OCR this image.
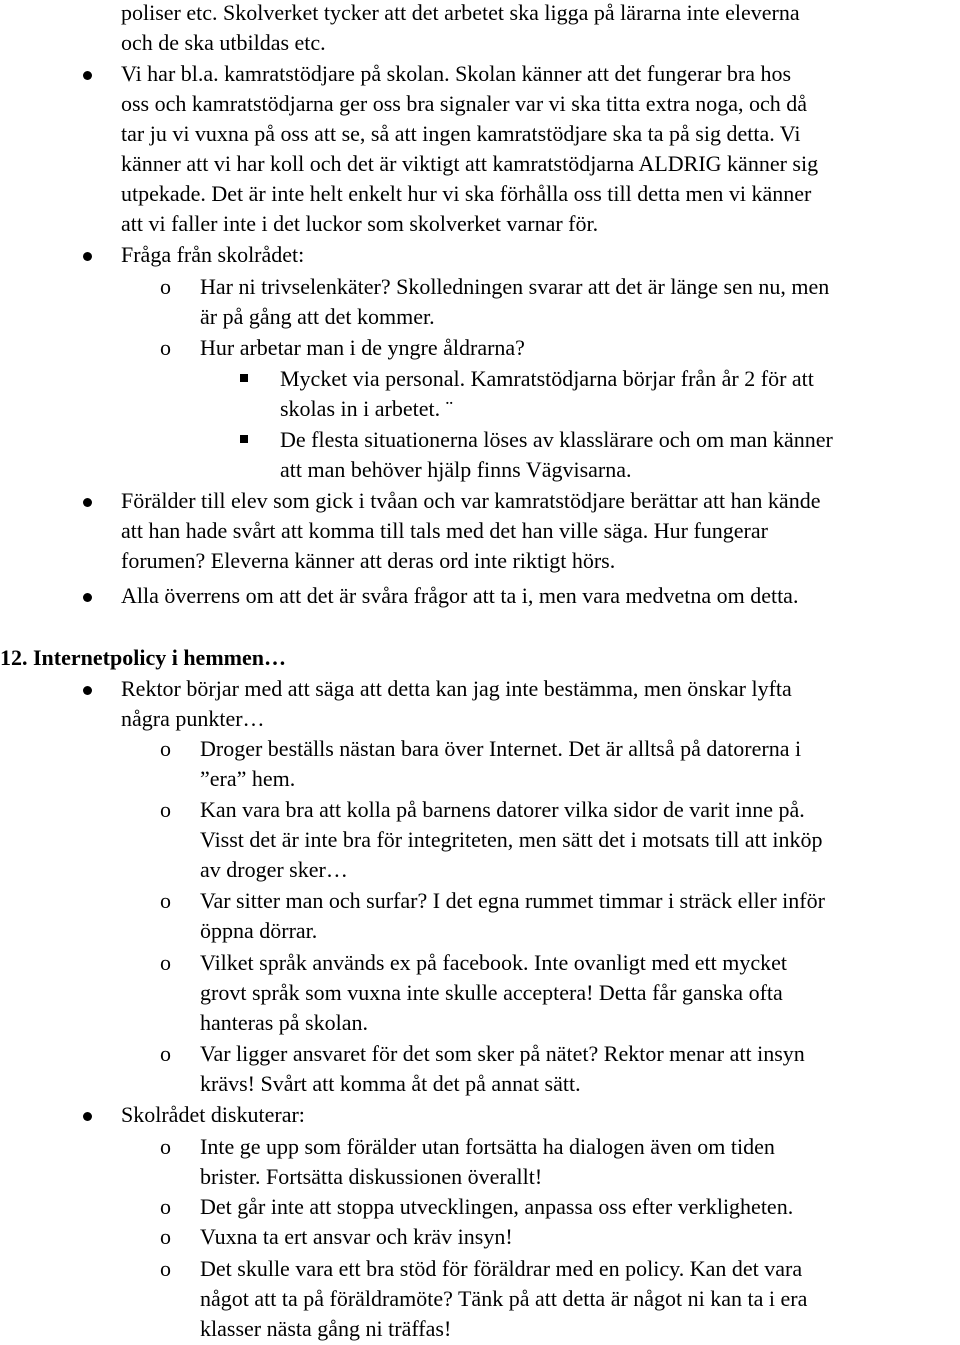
poliser etc. Skolverket tycker att det arbetet ska ligga på lärarna inte eleverna
och de ska utbildas etc.
Vi har bl.a. kamratstödjare på skolan. Skolan känner att det fungerar bra hos
oss och kamratstödjarna ger oss bra signaler var vi ska titta extra noga, och då
tar ju vi vuxna på oss att se, så att ingen kamratstödjare ska ta på sig detta. Vi
känner att vi har koll och det är viktigt att kamratstödjarna ALDRIG känner sig
utpekade. Det är inte helt enkelt hur vi ska förhålla oss till detta men vi känner
att vi faller inte i det luckor som skolverket varnar för.
Fråga från skolrådet:
o Har ni trivselenkäter? Skolledningen svarar att det är länge sen nu, men
är på gång att det kommer.
o Hur arbetar man i de yngre åldrarna?
Mycket via personal. Kamratstödjarna börjar från år 2 för att
skolas in i arbetet. ¨
De flesta situationerna löses av klasslärare och om man känner
att man behöver hjälp finns Vägvisarna.
Förälder till elev som gick i tvåan och var kamratstödjare berättar att han kände
att han hade svårt att komma till tals med det han ville säga. Hur fungerar
forumen? Eleverna känner att deras ord inte riktigt hörs.
Alla överrens om att det är svåra frågor att ta i, men vara medvetna om detta.
12. Internetpolicy i hemmen…
Rektor börjar med att säga att detta kan jag inte bestämma, men önskar lyfta
några punkter…
o Droger beställs nästan bara över Internet. Det är alltså på datorerna i
”era” hem.
o Kan vara bra att kolla på barnens datorer vilka sidor de varit inne på.
Visst det är inte bra för integriteten, men sätt det i motsats till att inköp
av droger sker…
o Var sitter man och surfar? I det egna rummet timmar i sträck eller inför
öppna dörrar.
o Vilket språk används ex på facebook. Inte ovanligt med ett mycket
grovt språk som vuxna inte skulle acceptera! Detta får ganska ofta
hanteras på skolan.
o Var ligger ansvaret för det som sker på nätet? Rektor menar att insyn
krävs! Svårt att komma åt det på annat sätt.
Skolrådet diskuterar:
o Inte ge upp som förälder utan fortsätta ha dialogen även om tiden
brister. Fortsätta diskussionen överallt!
o Det går inte att stoppa utvecklingen, anpassa oss efter verkligheten.
o Vuxna ta ert ansvar och kräv insyn!
o Det skulle vara ett bra stöd för föräldrar med en policy. Kan det vara
något att ta på föräldramöte? Tänk på att detta är något ni kan ta i era
klasser nästa gång ni träffas!
